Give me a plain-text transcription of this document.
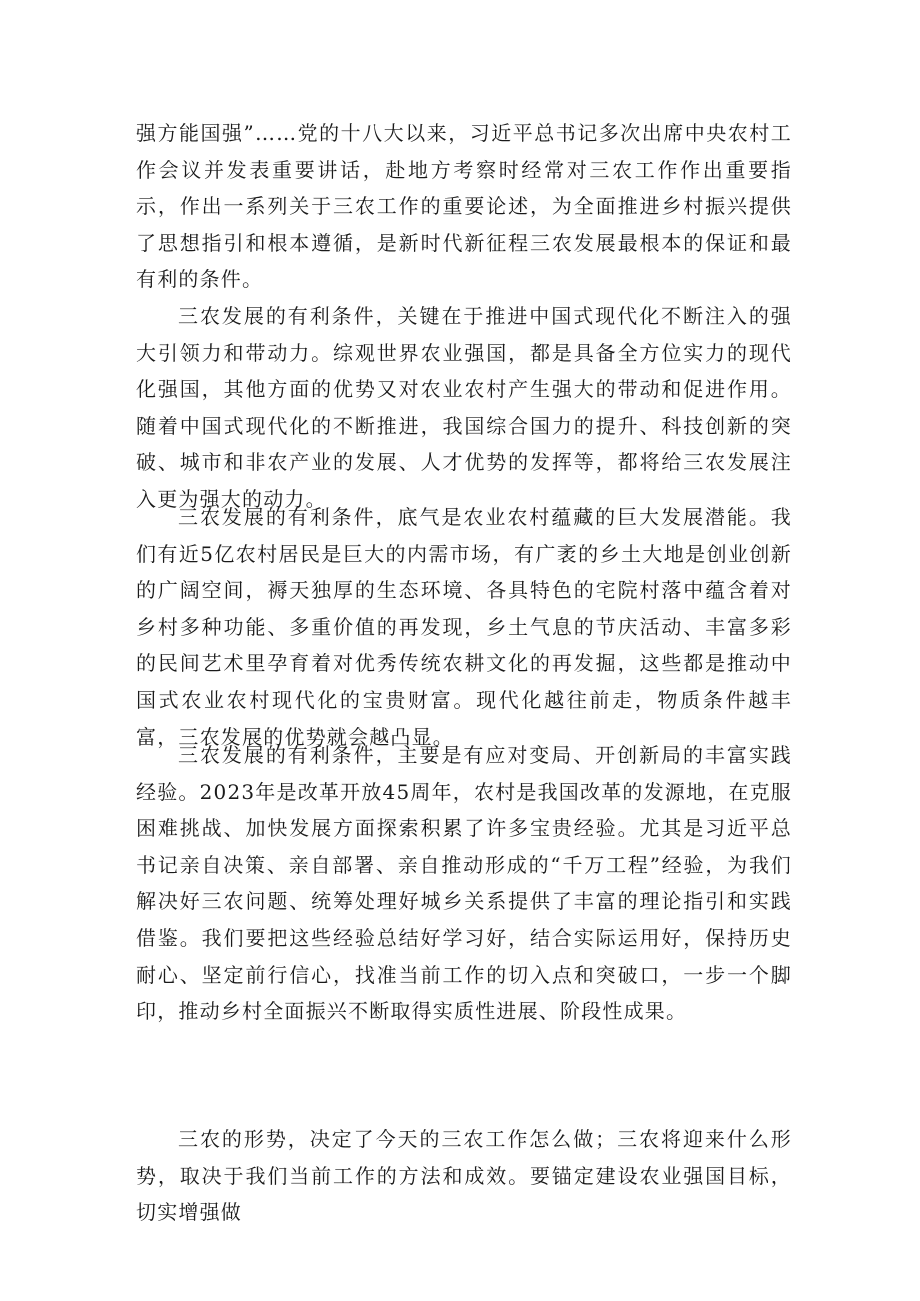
强方能国强”……党的十八大以来，习近平总书记多次出席中央农村工作会议并发表重要讲话，赴地方考察时经常对三农工作作出重要指示，作出一系列关于三农工作的重要论述，为全面推进乡村振兴提供了思想指引和根本遵循，是新时代新征程三农发展最根本的保证和最有利的条件。

三农发展的有利条件，关键在于推进中国式现代化不断注入的强大引领力和带动力。综观世界农业强国，都是具备全方位实力的现代化强国，其他方面的优势又对农业农村产生强大的带动和促进作用。随着中国式现代化的不断推进，我国综合国力的提升、科技创新的突破、城市和非农产业的发展、人才优势的发挥等，都将给三农发展注入更为强大的动力。

三农发展的有利条件，底气是农业农村蕴藏的巨大发展潜能。我们有近5亿农村居民是巨大的内需市场，有广袤的乡土大地是创业创新的广阔空间，褥天独厚的生态环境、各具特色的宅院村落中蕴含着对乡村多种功能、多重价值的再发现，乡土气息的节庆活动、丰富多彩的民间艺术里孕育着对优秀传统农耕文化的再发掘，这些都是推动中国式农业农村现代化的宝贵财富。现代化越往前走，物质条件越丰富，三农发展的优势就会越凸显。

三农发展的有利条件，主要是有应对变局、开创新局的丰富实践经验。2023年是改革开放45周年，农村是我国改革的发源地，在克服困难挑战、加快发展方面探索积累了许多宝贵经验。尤其是习近平总书记亲自决策、亲自部署、亲自推动形成的“千万工程”经验，为我们解决好三农问题、统筹处理好城乡关系提供了丰富的理论指引和实践借鉴。我们要把这些经验总结好学习好，结合实际运用好，保持历史耐心、坚定前行信心，找准当前工作的切入点和突破口，一步一个脚印，推动乡村全面振兴不断取得实质性进展、阶段性成果。

三农的形势，决定了今天的三农工作怎么做；三农将迎来什么形势，取决于我们当前工作的方法和成效。要锚定建设农业强国目标，切实增强做
